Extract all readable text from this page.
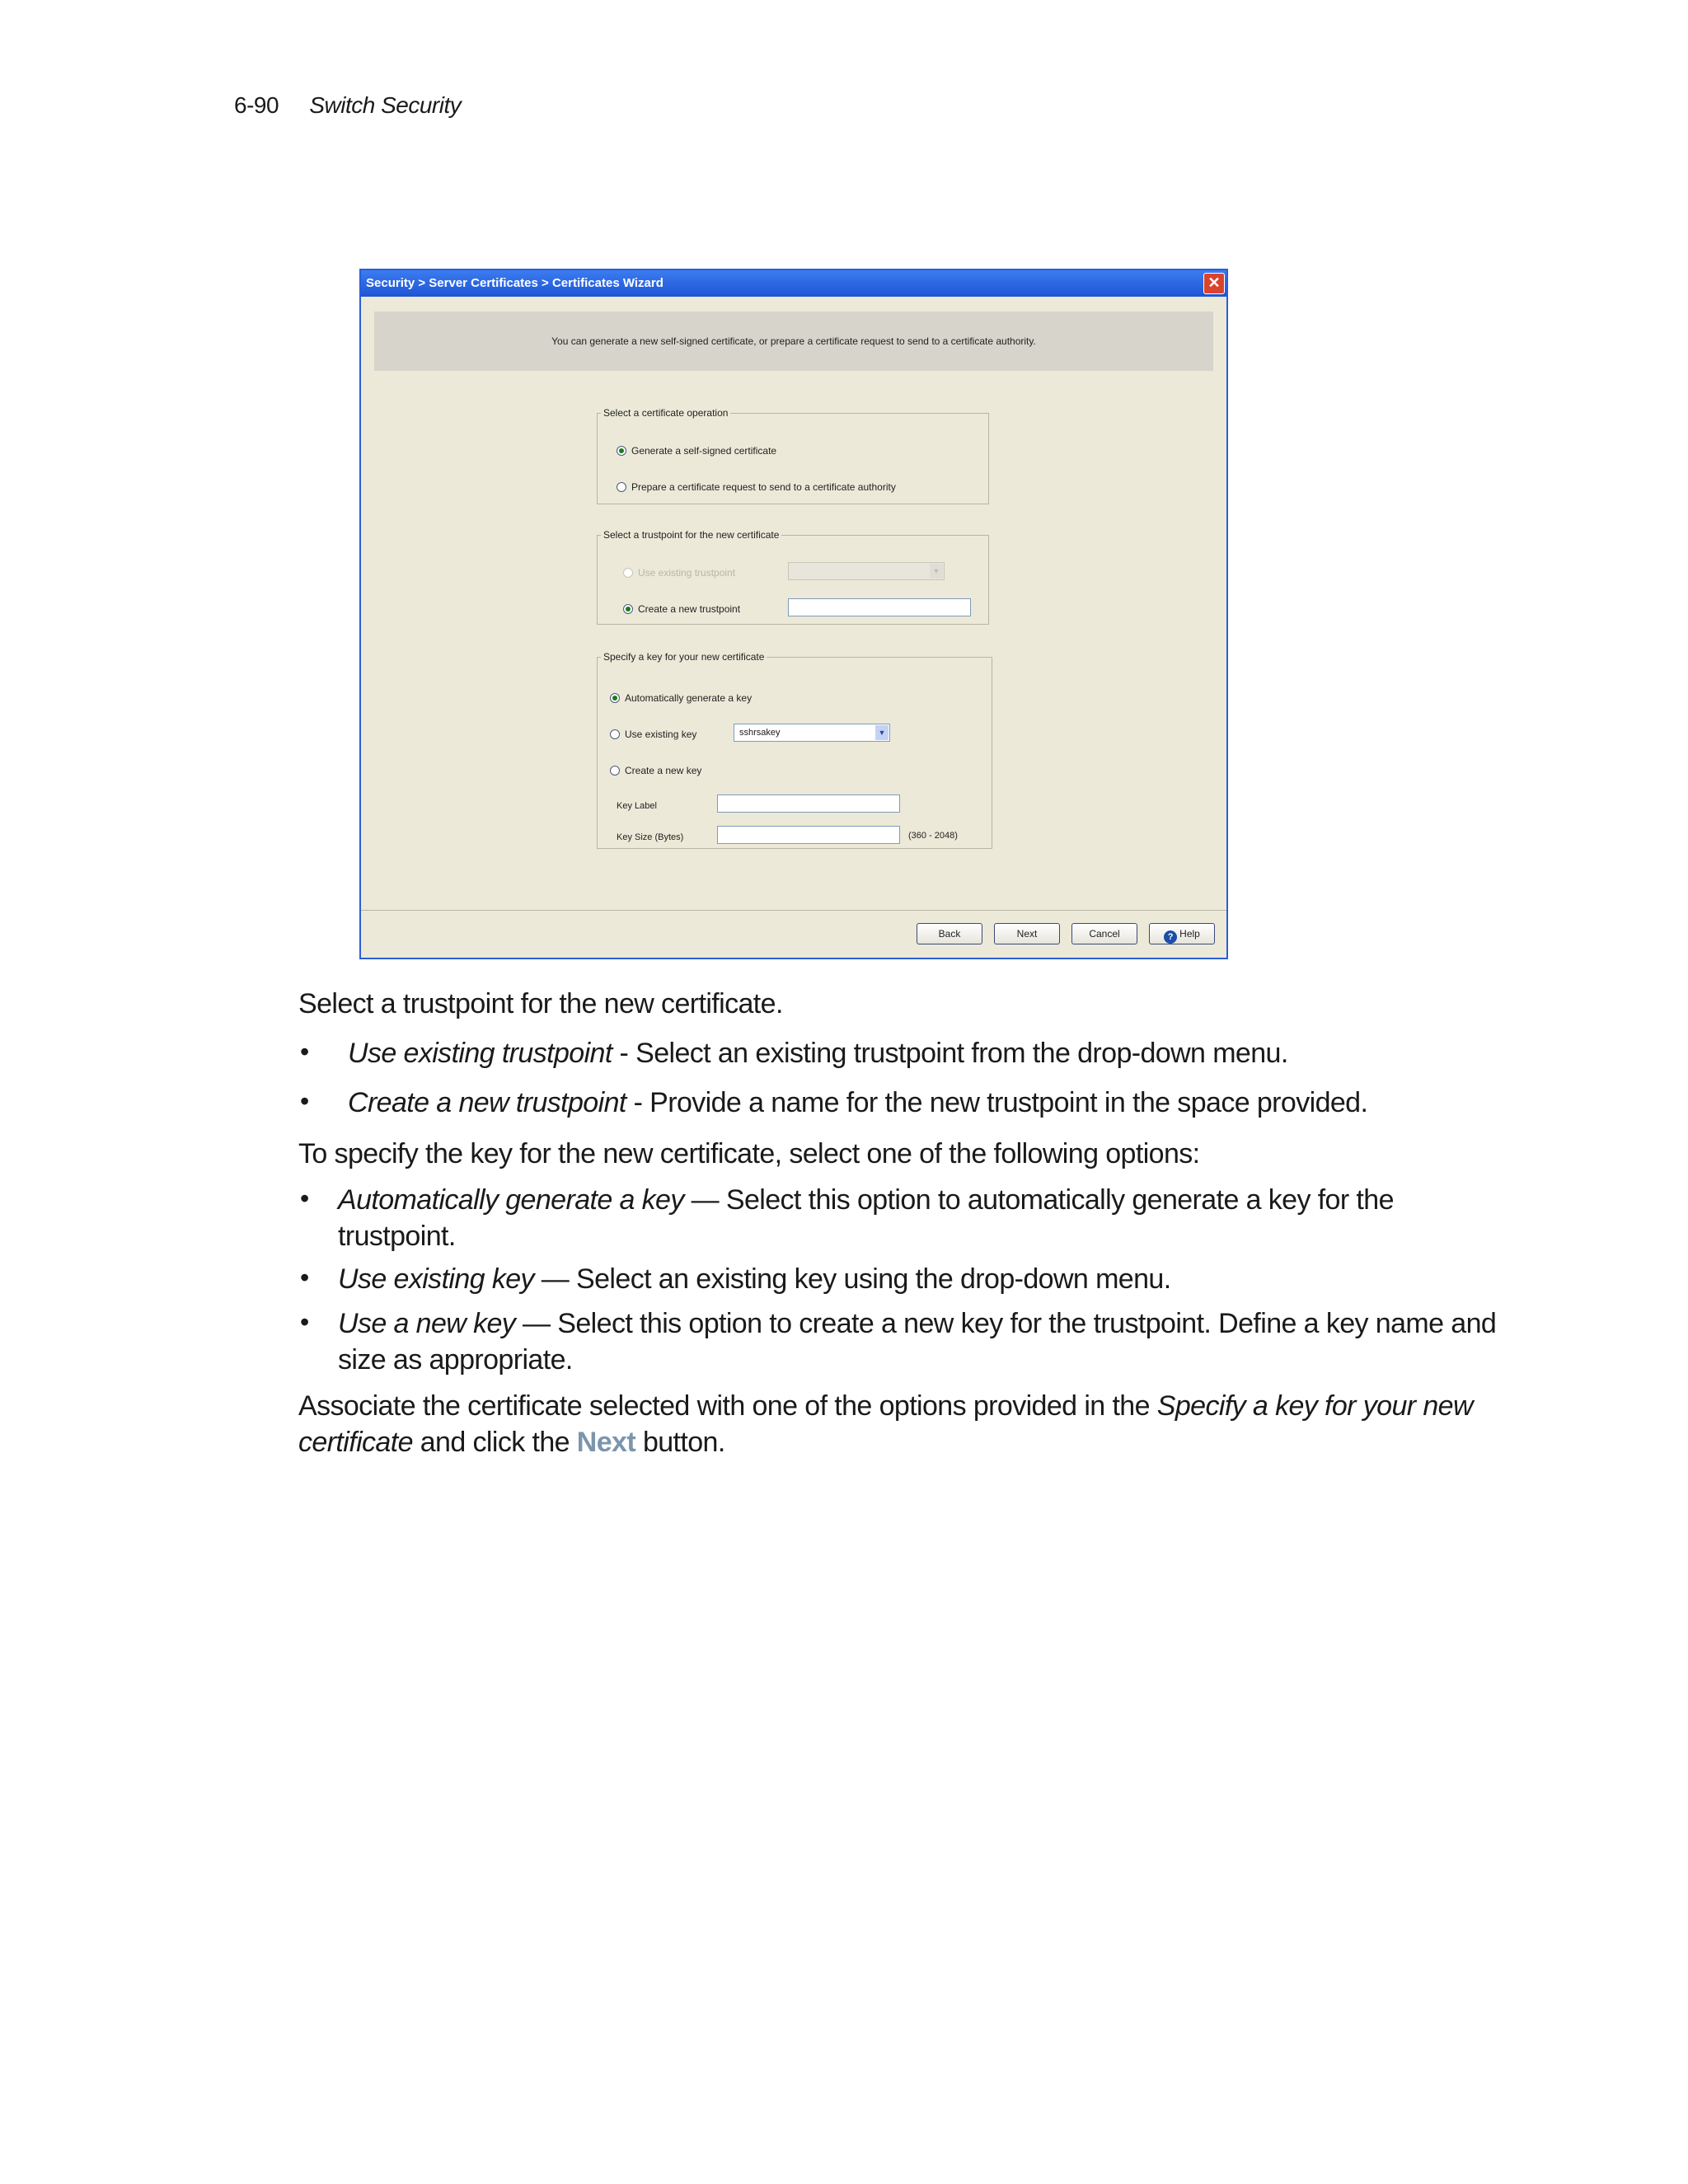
6-90 Switch Security
Security > Server Certificates > Certificates Wizard	✕
You can generate a new self-signed certificate, or prepare a certificate request to send to a certificate authority.
Select a certificate operation
Generate a self-signed certificate
Prepare a certificate request to send to a certificate authority
Select a trustpoint for the new certificate
Use existing trustpoint	▼
Create a new trustpoint
Specify a key for your new certificate
Automatically generate a key
Use existing key	sshrsakey	▼
Create a new key
Key Label
Key Size (Bytes)	(360 - 2048)
Back	Next	Cancel	? Help
Select a trustpoint for the new certificate.
• Use existing trustpoint - Select an existing trustpoint from the drop-down menu.
• Create a new trustpoint - Provide a name for the new trustpoint in the space provided.
To specify the key for the new certificate, select one of the following options:
• Automatically generate a key — Select this option to automatically generate a key for the
trustpoint.
• Use existing key — Select an existing key using the drop-down menu.
• Use a new key — Select this option to create a new key for the trustpoint. Define a key name and
size as appropriate.
Associate the certificate selected with one of the options provided in the Specify a key for your new
certificate and click the Next button.
